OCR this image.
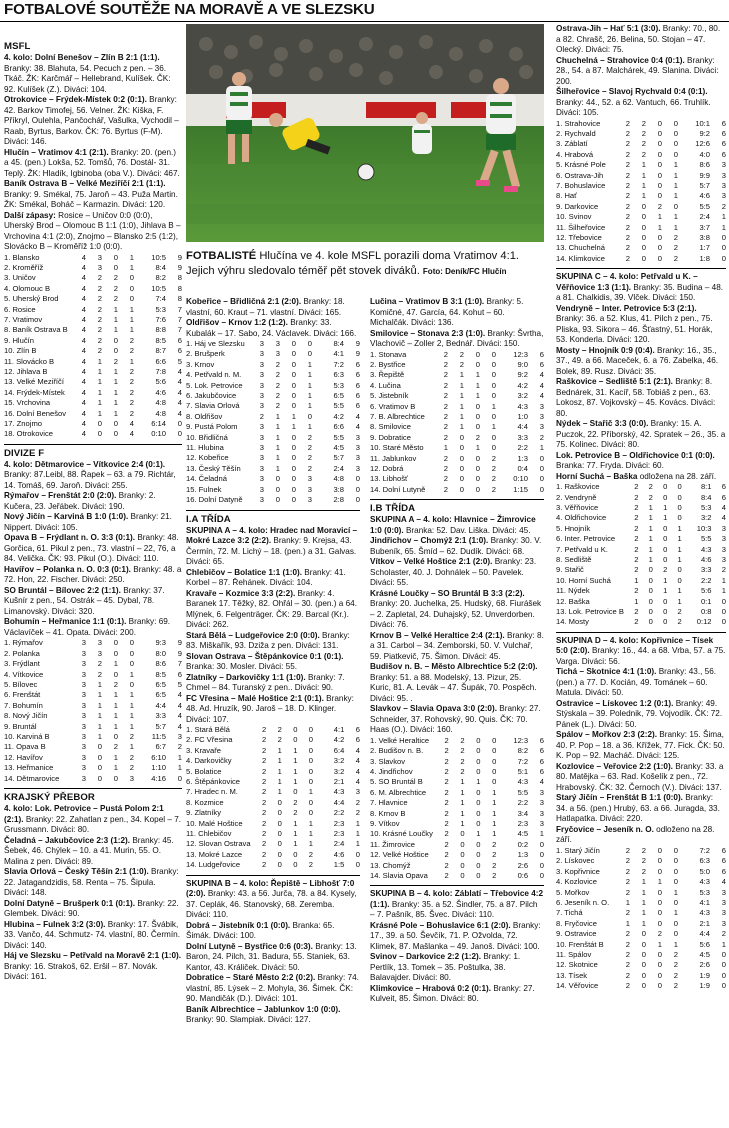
FOTBALOVÉ SOUTĚŽE NA MORAVĚ A VE SLEZSKU
FOTBALISTÉ Hlučína ve 4. kole MSFL porazili doma Vratimov 4:1. Jejich výhru sledovalo téměř pět stovek diváků. Foto: Deník/FC Hlučín
MSFL

4. kolo: Dolní Benešov – Zlín B 2:1 (1:1). Branky: 38. Blahuta, 54. Pecuch z pen. – 36. Tkáč. ŽK: Karčmář – Hellebrand, Kulíšek. ČK: 92. Kulíšek (Z.). Diváci: 104.

Otrokovice – Frýdek-Místek 0:2 (0:1). Branky: 42. Barkov Timofej, 56. Velner. ŽK: Kiška, F. Příkryl, Oulehla, Pančochář, Vašulka, Vychodil – Raab, Byrtus, Barkov. ČK: 76. Byrtus (F-M). Diváci: 146.

Hlučín – Vratimov 4:1 (2:1). Branky: 20. (pen.) a 45. (pen.) Lokša, 52. Tomšů, 76. Dostál- 31. Teplý. ŽK: Hladík, Igbinoba (oba V.). Diváci: 467.

Baník Ostrava B – Velké Meziříčí 2:1 (1:1). Branky: 9. Smékal, 75. Jaroň – 43. Puža Martin. ŽK: Smékal, Boháč – Karmazin. Diváci: 120.

Další zápasy: Rosice – Uničov 0:0 (0:0), Uherský Brod – Olomouc B 1:1 (1:0), Jihlava B – Vrchovina 4:1 (2:0), Znojmo – Blansko 2:5 (1:2), Slovácko B – Kroměříž 1:0 (0:0).

1. Blansko	4	3	0	1	10:5	9
2. Kroměříž	4	3	0	1	8:4	9
3. Uničov	4	2	2	0	8:2	8
4. Olomouc B	4	2	2	0	10:5	8
5. Uherský Brod	4	2	2	0	7:4	8
6. Rosice	4	2	1	1	5:3	7
7. Vratimov	4	2	1	1	7:6	7
8. Baník Ostrava B	4	2	1	1	8:8	7
9. Hlučín	4	2	0	2	8:5	6
10. Zlín B	4	2	0	2	8:7	6
11. Slovácko B	4	1	2	1	6:6	5
12. Jihlava B	4	1	1	2	7:8	4
13. Velké Meziříčí	4	1	1	2	5:6	4
14. Frýdek-Místek	4	1	1	2	4:6	4
15. Vrchovina	4	1	1	2	4:8	4
16. Dolní Benešov	4	1	1	2	4:8	4
17. Znojmo	4	0	0	4	6:14	0
18. Otrokovice	4	0	0	4	0:10	0
DIVIZE F

4. kolo: Dětmarovice – Vítkovice 2:4 (0:1). Branky: 87.Leibl, 88. Řapek – 63. a 79. Richtár, 14. Tomáš, 69. Jaroň. Diváci: 255.

Rýmařov – Frenštát 2:0 (2:0). Branky: 2. Kučera, 23. Jeřábek. Diváci: 190.

Nový Jičín – Karviná B 1:0 (1:0). Branky: 21. Nippert. Diváci: 105.

Opava B – Frýdlant n. O. 3:3 (0:1). Branky: 48. Gorčica, 61. Pikul z pen., 73. vlastní – 22, 76, a 84. Velička. ČK: 93. Pikul (O.). Diváci: 110.

Havířov – Polanka n. O. 0:3 (0:1). Branky: 48. a 72. Hon, 22. Fischer. Diváci: 250.

SO Bruntál – Bílovec 2:2 (1:1). Branky: 37. Kušnír z pen., 54. Ostrák – 45. Dybal, 78. Limanovský. Diváci: 320.

Bohumín – Heřmanice 1:1 (0:1). Branky: 69. Václavíček – 41. Opata. Diváci: 200.

1. Rýmařov	3	3	0	0	9:3	9
2. Polanka	3	3	0	0	8:0	9
3. Frýdlant	3	2	1	0	8:6	7
4. Vítkovice	3	2	0	1	8:5	6
5. Bílovec	3	1	2	0	6:5	5
6. Frenštát	3	1	1	1	6:5	4
7. Bohumín	3	1	1	1	4:4	4
8. Nový Jičín	3	1	1	1	3:3	4
9. Bruntál	3	1	1	1	5:7	4
10. Karviná B	3	1	0	2	11:5	3
11. Opava B	3	0	2	1	6:7	2
12. Havířov	3	0	1	2	6:10	1
13. Heřmanice	3	0	1	2	1:10	1
14. Dětmarovice	3	0	0	3	4:16	0
KRAJSKÝ PŘEBOR

4. kolo: Lok. Petrovice – Pustá Polom 2:1 (2:1). Branky: 22. Zahatlan z pen., 34. Kopel – 7. Grussmann. Diváci: 80.

Čeladná – Jakubčovice 2:3 (1:2). Branky: 45. Šebek, 46. Chýlek – 10. a 41. Murin, 55. O. Malina z pen. Diváci: 89.

Slavia Orlová – Český Těšín 2:1 (1:0). Branky: 22. Jatagandzidis, 58. Renta – 75. Šipula. Diváci: 148.

Dolní Datyně – Brušperk 0:1 (0:1). Branky: 22. Glembek. Diváci: 90.

Hlubina – Fulnek 3:2 (3:0). Branky: 17. Švábik, 33. Vančo, 44. Schmutz- 74. vlastní, 80. Čermín. Diváci: 140.

Háj ve Slezsku – Petřvald na Moravě 2:1 (1:0). Branky: 16. Strakoš, 62. Eršil – 87. Novák. Diváci: 161.

Kobeřice – Břidličná 2:1 (2:0). Branky: 18. vlastní, 60. Kraut – 71. vlastní. Diváci: 165.

Oldřišov – Krnov 1:2 (1:2). Branky: 33. Kubalák – 17. Sabo, 24. Václavek. Diváci: 166.

1. Háj ve Slezsku	3	3	0	0	8:4	9
2. Brušperk	3	3	0	0	4:1	9
3. Krnov	3	2	0	1	7:2	6
4. Petřvald n. M.	3	2	0	1	6:3	6
5. Lok. Petrovice	3	2	0	1	5:3	6
6. Jakubčovice	3	2	0	1	6:5	6
7. Slavia Orlová	3	2	0	1	5:5	6
8. Oldřišov	2	1	1	0	4:2	4
9. Pustá Polom	3	1	1	1	6:6	4
10. Břidličná	3	1	0	2	5:5	3
11. Hlubina	3	1	0	2	4:5	3
12. Kobeřice	3	1	0	2	5:7	3
13. Český Těšín	3	1	0	2	2:4	3
14. Čeladná	3	0	0	3	4:8	0
15. Fulnek	3	0	0	3	3:8	0
16. Dolní Datyně	3	0	0	3	2:8	0
I.A TŘÍDA

SKUPINA A – 4. kolo: Hradec nad Moravicí – Mokré Lazce 3:2 (2:2). Branky: 9. Krejsa, 43. Čermín, 72. M. Lichý – 18. (pen.) a 31. Galvas. Diváci: 65.

Chlebičov – Bolatice 1:1 (1:0). Branky: 41. Korbel – 87. Řehánek. Diváci: 104.

Kravaře – Kozmice 3:3 (2:2). Branky: 4. Baranek 17. Těžký, 82. Ohřál – 30. (pen.) a 64. Mlýnek, 6. Felgenträger. ČK: 29. Barcal (Kr.). Diváci: 262.

Stará Bělá – Ludgeřovice 2:0 (0:0). Branky: 83. Miškařík, 93. Dziža z pen. Diváci: 131.

Slovan Ostrava – Štěpánkovice 0:1 (0:1). Branka: 30. Mosler. Diváci: 55.

Zlatníky – Darkovičky 1:1 (1:0). Branky: 7. Chmel – 84. Turanský z pen.. Diváci: 90.

FC Vřesina – Malé Hoštice 2:1 (0:1). Branky: 48. Ad. Hruzík, 90. Jaroš – 18. D. Klinger. Diváci: 107.

1. Stará Bělá	2	2	0	0	4:1	6
2. FC Vřesina	2	2	0	0	4:2	6
3. Kravaře	2	1	1	0	6:4	4
4. Darkovičky	2	1	1	0	3:2	4
5. Bolatice	2	1	1	0	3:2	4
6. Štěpánkovice	2	1	1	0	2:1	4
7. Hradec n. M.	2	1	0	1	4:3	3
8. Kozmice	2	0	2	0	4:4	2
9. Zlatníky	2	0	2	0	2:2	2
10. Malé Hoštice	2	0	1	1	2:3	1
11. Chlebičov	2	0	1	1	2:3	1
12. Slovan Ostrava	2	0	1	1	2:4	1
13. Mokré Lazce	2	0	0	2	4:6	0
14. Ludgeřovice	2	0	0	2	1:5	0

SKUPINA B – 4. kolo: Řepiště – Libhošť 7:0 (2:0). Branky: 43. a 56. Jurča, 78. a 84. Kysely, 37. Ceplák, 46. Stanovský, 68. Zeremba. Diváci: 110.

Dobrá – Jistebník 0:1 (0:0). Branka: 65. Šimák. Diváci: 100.

Dolní Lutyně – Bystřice 0:6 (0:3). Branky: 13. Baron, 24. Pilch, 31. Badura, 55. Staniek, 63. Kantor, 43. Králiček. Diváci: 50.

Dobratice – Staré Město 2:2 (0:2). Branky: 74. vlastní, 85. Lýsek – 2. Mohyla, 36. Šimek. ČK: 90. Mandičák (D.). Diváci: 101.

Baník Albrechtice – Jablunkov 1:0 (0:0). Branky: 90. Slampiak. Diváci: 127.

Lučina – Vratimov B 3:1 (1:0). Branky: 5. Komičné, 47. García, 64. Kohut – 60. Michalčák. Diváci: 136.

Smilovice – Stonava 2:3 (1:0). Branky: Švrtha, Vlachovič – Zoller 2, Bednář. Diváci: 150.

1. Stonava	2	2	0	0	12:3	6
2. Bystřice	2	2	0	0	9:0	6
3. Řepiště	2	1	1	0	9:2	4
4. Lučina	2	1	1	0	4:2	4
5. Jistebník	2	1	1	0	3:2	4
6. Vratimov B	2	1	0	1	4:3	3
7. B. Albrechtice	2	1	0	0	1:0	3
8. Smilovice	2	1	0	1	4:4	3
9. Dobratice	2	0	2	0	3:3	2
10. Staré Město	1	0	1	0	2:2	1
11. Jablunkov	2	0	0	2	1:3	0
12. Dobrá	2	0	0	2	0:4	0
13. Libhošť	2	0	0	2	0:10	0
14. Dolní Lutyně	2	0	0	2	1:15	0
I.B TŘÍDA

SKUPINA A – 4. kolo: Hlavnice – Žimrovice 1:0 (0:0). Branka: 52. Dav. Liška. Diváci: 45.

Jindřichov – Chomýž 2:1 (1:0). Branky: 30. V. Bubeník, 65. Šmíd – 62. Dudík. Diváci: 68.

Vítkov – Velké Hoštice 2:1 (2:0). Branky: 23. Scholaster, 40. J. Dohnálek – 50. Pavelek. Diváci: 55.

Krásné Loučky – SO Bruntál B 3:3 (2:2). Branky: 20. Juchelka, 25. Hudský, 68. Fiurášek – 2. Zapletal, 24. Duhajský, 52. Unverdorben. Diváci: 76.

Krnov B – Velké Heraltice 2:4 (2:1). Branky: 8. a 31. Carbol – 34. Zemborski, 50. V. Vulchař, 59. Piatkevič, 75. Šimon. Diváci: 45.

Budišov n. B. – Město Albrechtice 5:2 (2:0). Branky: 51. a 88. Modelský, 13. Pizur, 25. Kuric, 81. A. Levák – 47. Šupák, 70. Pospěch. Diváci: 95. .

Slavkov – Slavia Opava 3:0 (2:0). Branky: 27. Schneider, 37. Rohovský, 90. Quis. ČK: 70. Haas (O.). Diváci: 160.

1. Velké Heraltice	2	2	0	0	12:3	6
2. Budišov n. B.	2	2	0	0	8:2	6
3. Slavkov	2	2	0	0	7:2	6
4. Jindřichov	2	2	0	0	5:1	6
5. SO Bruntál B	2	1	1	0	4:3	4
6. M. Albrechtice	2	1	0	1	5:5	3
7. Hlavnice	2	1	0	1	2:2	3
8. Krnov B	2	1	0	1	3:4	3
9. Vítkov	2	1	0	1	2:3	3
10. Krásné Loučky	2	0	1	1	4:5	1
11. Žimrovice	2	0	0	2	0:2	0
12. Velké Hoštice	2	0	0	2	1:3	0
13. Chomýž	2	0	0	2	2:6	0
14. Slavia Opava	2	0	0	2	0:6	0

SKUPINA B – 4. kolo: Záblatí – Třebovice 4:2 (1:1). Branky: 35. a 52. Šindler, 75. a 87. Pilch – 7. Pašník, 85. Švec. Diváci: 110.

Krásné Pole – Bohuslavice 6:1 (2:0). Branky: 17., 39. a 50. Ševčík, 71. P. Ožvolda, 72. Klimek, 87. Mašlanka – 49. Janoš. Diváci: 100.

Svinov – Darkovice 2:2 (1:2). Branky: 1. Pertlík, 13. Tomek – 35. Poštulka, 38. Balavajder. Diváci: 80.

Klimkovice – Hrabová 0:2 (0:1). Branky: 27. Kulveit, 85. Šimon. Diváci: 80.

Ostrava-Jih – Hať 5:1 (3:0). Branky: 70., 80. a 82. Chrašč, 26. Belina, 50. Stojan – 47. Olecký. Diváci: 75.

Chuchelná – Strahovice 0:4 (0:1). Branky: 28., 54. a 87. Malchárek, 49. Slanina. Diváci: 200.

Šilheřovice – Slavoj Rychvald 0:4 (0:1). Branky: 44., 52. a 62. Vantuch, 66. Truhlík. Diváci: 105.

1. Strahovice	2	2	0	0	10:1	6
2. Rychvald	2	2	0	0	9:2	6
3. Záblatí	2	2	0	0	12:6	6
4. Hrabová	2	2	0	0	4:0	6
5. Krásné Pole	2	1	0	1	8:6	3
6. Ostrava-Jih	2	1	0	1	9:9	3
7. Bohuslavice	2	1	0	1	5:7	3
8. Hať	2	1	0	1	4:6	3
9. Darkovice	2	0	2	0	5:5	2
10. Svinov	2	0	1	1	2:4	1
11. Šilheřovice	2	0	1	1	3:7	1
12. Třebovice	2	0	0	2	3:8	0
13. Chuchelná	2	0	0	2	1:7	0
14. Klimkovice	2	0	0	2	1:8	0

SKUPINA C – 4. kolo: Petřvald u K. – Věřňovice 1:3 (1:1). Branky: 35. Budina – 48. a 81. Chalkidis, 39. Vlček. Diváci: 150.

Vendryně – Inter. Petrovice 5:3 (2:1). Branky: 36. a 52. Klus, 41. Pilch z pen., 75. Pliska, 93. Sikora – 46. Šťastný, 51. Horák, 53. Konderla. Diváci: 120.

Mosty – Hnojník 0:9 (0:4). Branky: 16., 35., 37., 49. a 66. Maceček, 6. a 76. Zabelka, 46. Bolek, 89. Rusz. Diváci: 35.

Raškovice – Sedliště 5:1 (2:1). Branky: 8. Bednárek, 31. Kacíř, 58. Tobiáš z pen., 63. Lokosz, 87. Vojkovský – 45. Kovács. Diváci: 80.

Nýdek – Stařič 3:3 (0:0). Branky: 15. A. Puczok, 22. Příborský, 42. Spratek – 26., 35. a 75. Kolinec. Diváci: 80.

Lok. Petrovice B – Oldřichovice 0:1 (0:0). Branka: 77. Fryda. Diváci: 60.

Horní Suchá – Baška odložena na 28. září.

1. Raškovice	2	2	0	0	8:1	6
2. Vendryně	2	2	0	0	8:4	6
3. Věřňovice	2	1	1	0	5:3	4
4. Oldřichovice	2	1	1	0	3:2	4
5. Hnojník	2	1	0	1	10:3	3
6. Inter. Petrovice	2	1	0	1	5:5	3
7. Petřvald u K.	2	1	0	1	4:3	3
8. Sedliště	2	1	0	1	4:6	3
9. Stařič	2	0	2	0	3:3	2
10. Horní Suchá	1	0	1	0	2:2	1
11. Nýdek	2	0	1	1	5:6	1
12. Baška	1	0	0	1	0:1	0
13. Lok. Petrovice B	2	0	0	2	0:8	0
14. Mosty	2	0	0	2	0:12	0

SKUPINA D – 4. kolo: Kopřivnice – Tísek 5:0 (2:0). Branky: 16., 44. a 68. Vrba, 57. a 75. Varga. Diváci: 56.

Tichá – Skotnice 4:1 (1:0). Branky: 43., 56. (pen.) a 77. D. Kocián, 49. Tománek – 60. Matula. Diváci: 50.

Ostravice – Lískovec 1:2 (0:1). Branky: 49. Stýskala – 39. Polednik, 79. Vojvodík. ČK: 72. Pánek (L.). Diváci: 50.

Spálov – Mořkov 2:3 (2:2). Branky: 15. Šima, 40. P. Pop – 18. a 36. Křížek, 77. Fick. ČK: 50. K. Pop – 92. Macháč. Diváci: 125.

Kozlovice – Veřovice 2:2 (1:0). Branky: 33. a 80. Matějka – 63. Rad. Košelík z pen., 72. Hrabovský. ČK: 32. Černoch (V.). Diváci: 137.

Starý Jičín – Frenštát B 1:1 (0:0). Branky: 34. a 56. (pen.) Hrubý, 63. a 66. Juragda, 33. Hatlapatka. Diváci: 220.

Fryčovice – Jeseník n. O. odloženo na 28. září.

1. Starý Jičín	2	2	0	0	7:2	6
2. Lískovec	2	2	0	0	6:3	6
3. Kopřivnice	2	2	0	0	5:0	6
4. Kozlovice	2	1	1	0	4:3	4
5. Mořkov	2	1	0	1	5:3	3
6. Jeseník n. O.	1	1	0	0	4:1	3
7. Tichá	2	1	0	1	4:3	3
8. Fryčovice	1	1	0	0	2:1	3
9. Ostravice	2	0	2	0	4:4	2
10. Frenštát B	2	0	1	1	5:6	1
11. Spálov	2	0	0	2	4:5	0
12. Skotnice	2	0	0	2	2:6	0
13. Tísek	2	0	0	2	1:9	0
14. Věřovice	2	0	0	2	1:9	0
